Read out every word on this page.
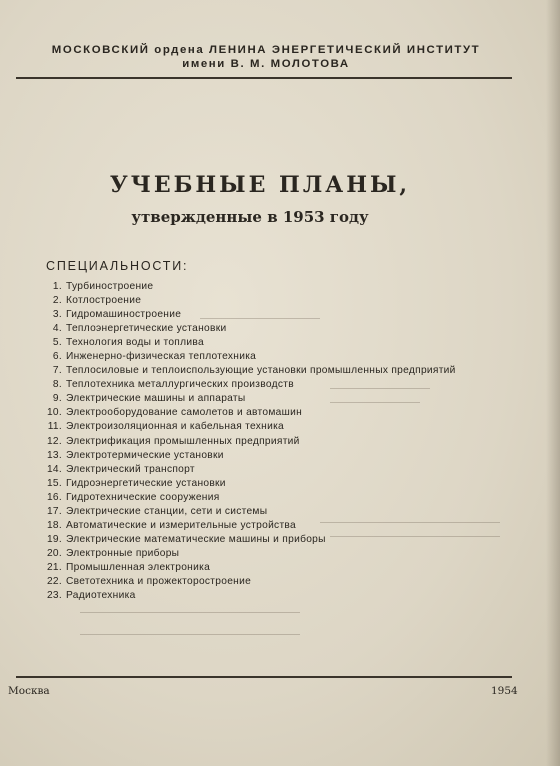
МОСКОВСКИЙ ордена ЛЕНИНА ЭНЕРГЕТИЧЕСКИЙ ИНСТИТУТ
имени В. М. МОЛОТОВА
УЧЕБНЫЕ ПЛАНЫ,
утвержденные в 1953 году
СПЕЦИАЛЬНОСТИ:
1. Турбиностроение
2. Котлостроение
3. Гидромашиностроение
4. Теплоэнергетические установки
5. Технология воды и топлива
6. Инженерно-физическая теплотехника
7. Теплосиловые и теплоиспользующие установки промышленных предприятий
8. Теплотехника металлургических производств
9. Электрические машины и аппараты
10. Электрооборудование самолетов и автомашин
11. Электроизоляционная и кабельная техника
12. Электрификация промышленных предприятий
13. Электротермические установки
14. Электрический транспорт
15. Гидроэнергетические установки
16. Гидротехнические сооружения
17. Электрические станции, сети и системы
18. Автоматические и измерительные устройства
19. Электрические математические машины и приборы
20. Электронные приборы
21. Промышленная электроника
22. Светотехника и прожекторостроение
23. Радиотехника
Москва	1954
